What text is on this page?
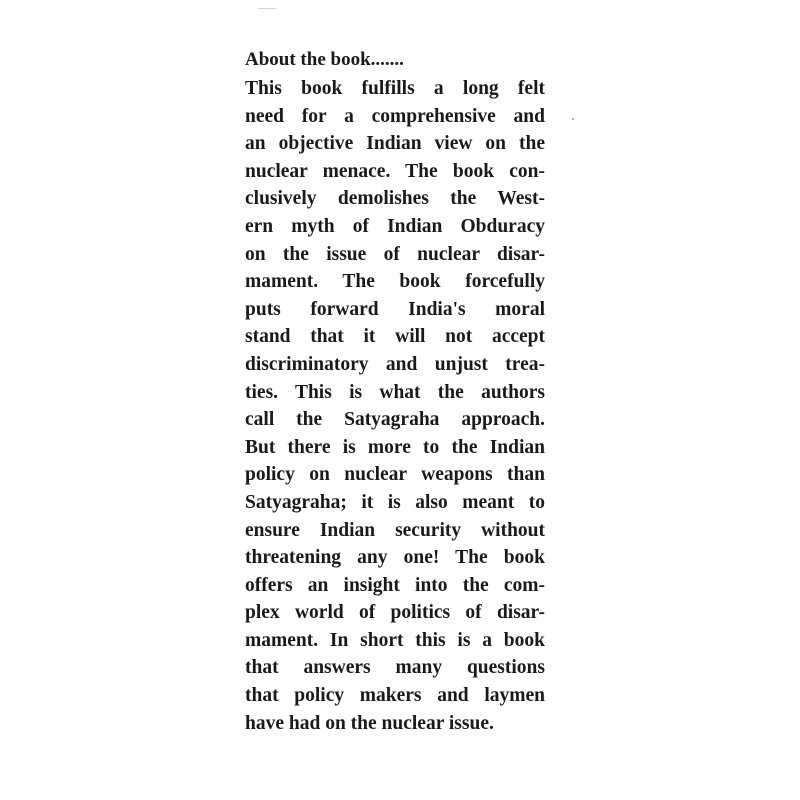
About the book.......
This book fulfills a long felt
need for a comprehensive and
an objective Indian view on the
nuclear menace. The book con-
clusively demolishes the West-
ern myth of Indian Obduracy
on the issue of nuclear disar-
mament. The book forcefully
puts forward India's moral
stand that it will not accept
discriminatory and unjust trea-
ties. This is what the authors
call the Satyagraha approach.
But there is more to the Indian
policy on nuclear weapons than
Satyagraha; it is also meant to
ensure Indian security without
threatening any one! The book
offers an insight into the com-
plex world of politics of disar-
mament. In short this is a book
that answers many questions
that policy makers and laymen
have had on the nuclear issue.
